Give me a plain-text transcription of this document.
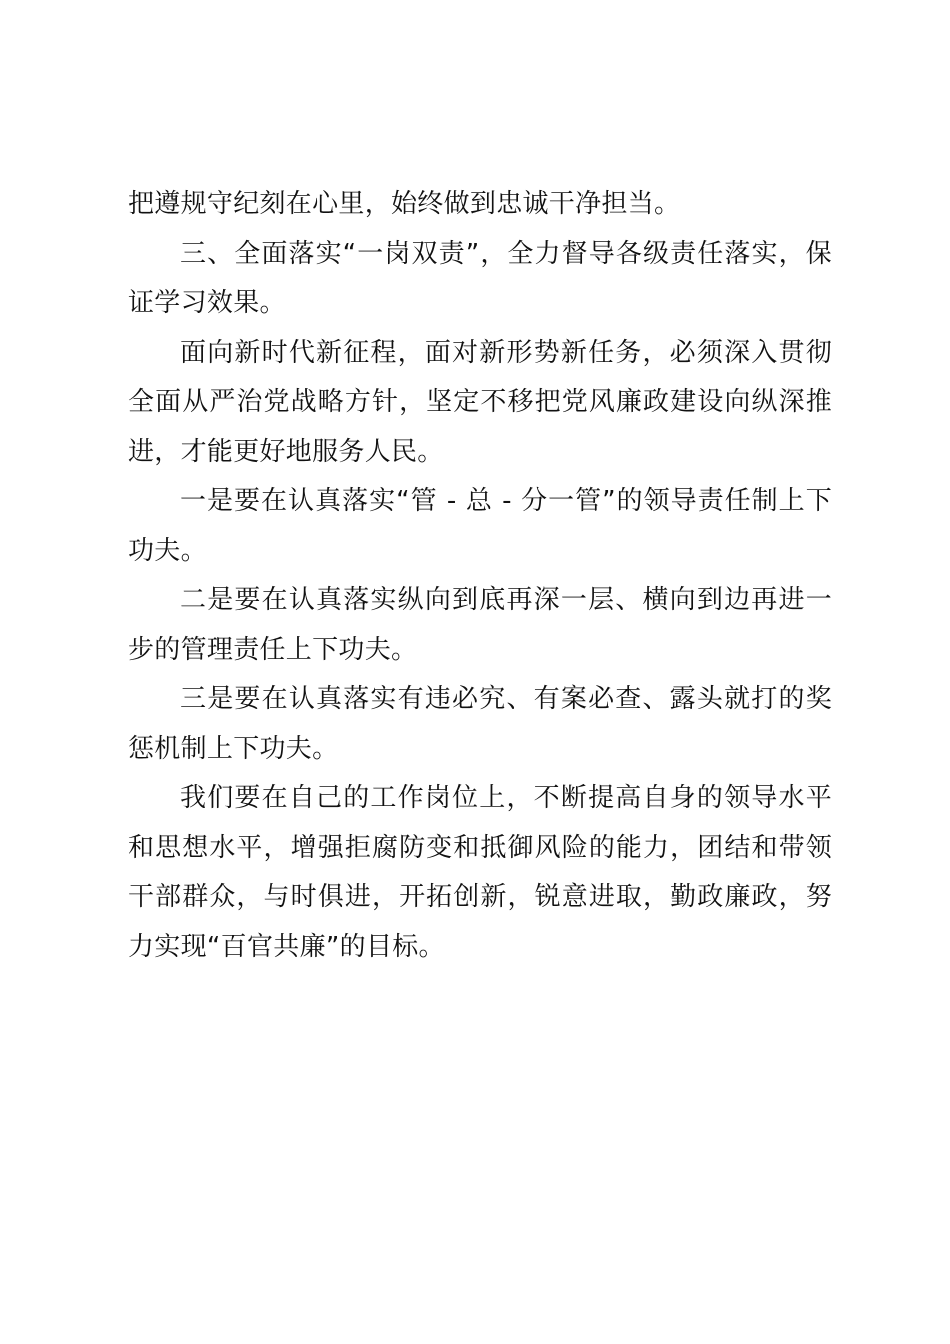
把遵规守纪刻在心里，始终做到忠诚干净担当。

三、全面落实“一岗双责”，全力督导各级责任落实，保证学习效果。

面向新时代新征程，面对新形势新任务，必须深入贯彻全面从严治党战略方针，坚定不移把党风廉政建设向纵深推进，才能更好地服务人民。

一是要在认真落实“管 - 总 - 分一管”的领导责任制上下功夫。

二是要在认真落实纵向到底再深一层、横向到边再进一步的管理责任上下功夫。

三是要在认真落实有违必究、有案必查、露头就打的奖惩机制上下功夫。

我们要在自己的工作岗位上，不断提高自身的领导水平和思想水平，增强拒腐防变和抵御风险的能力，团结和带领干部群众，与时俱进，开拓创新，锐意进取，勤政廉政，努力实现“百官共廉”的目标。
